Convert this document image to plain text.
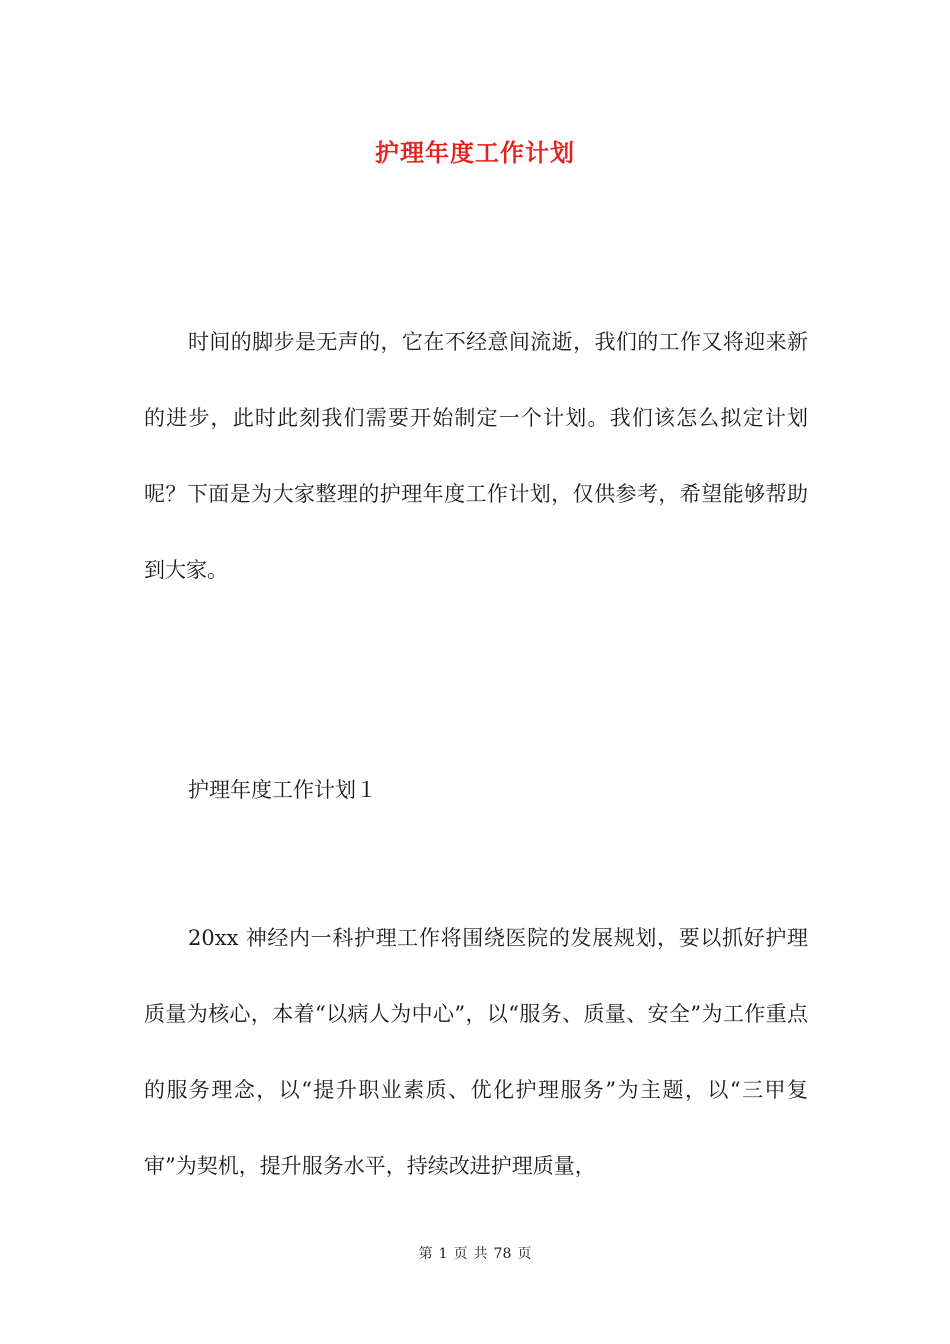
护理年度工作计划

时间的脚步是无声的，它在不经意间流逝，我们的工作又将迎来新的进步，此时此刻我们需要开始制定一个计划。我们该怎么拟定计划呢？下面是为大家整理的护理年度工作计划，仅供参考，希望能够帮助到大家。

护理年度工作计划１

20xx 神经内一科护理工作将围绕医院的发展规划，要以抓好护理质量为核心，本着“以病人为中心”，以“服务、质量、安全”为工作重点的服务理念，以“提升职业素质、优化护理服务”为主题，以“三甲复审”为契机，提升服务水平，持续改进护理质量，

第 1 页 共 78 页
